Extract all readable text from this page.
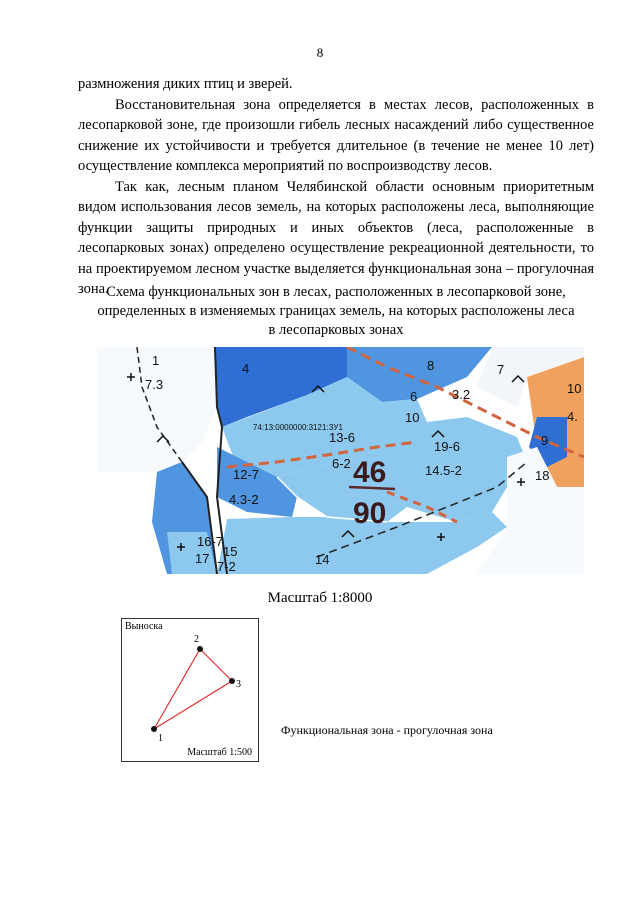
8

размножения диких птиц и зверей.

Восстановительная зона определяется в местах лесов, расположенных в лесопарковой зоне, где произошли гибель лесных насаждений либо существенное снижение их устойчивости и требуется длительное (в течение не менее 10 лет) осуществление комплекса мероприятий по воспроизводству лесов.

Так как, лесным планом Челябинской области основным приоритетным видом использования лесов земель, на которых расположены леса, выполняющие функции защиты природных и иных объектов (леса, расположенные в лесопарковых зонах) определено осуществление рекреационной деятельности, то на проектируемом лесном участке выделяется функциональная зона – прогулочная зона.

Схема функциональных зон в лесах, расположенных в лесопарковой зоне,
определенных в изменяемых границах земель, на которых расположены леса
в лесопарковых зонах
1
7.3
4	8	7
10
4.
3.2
6
10
13-6
6-2
19-6
14.5-2
9
18
12-7
4.3-2
16-7
15
17
7-2	14
74:13:0000000:3121:ЗУ1
46
90
Масштаб 1:8000
Выноска
1
2
3
Масштаб 1:500
Функциональная зона - прогулочная зона
